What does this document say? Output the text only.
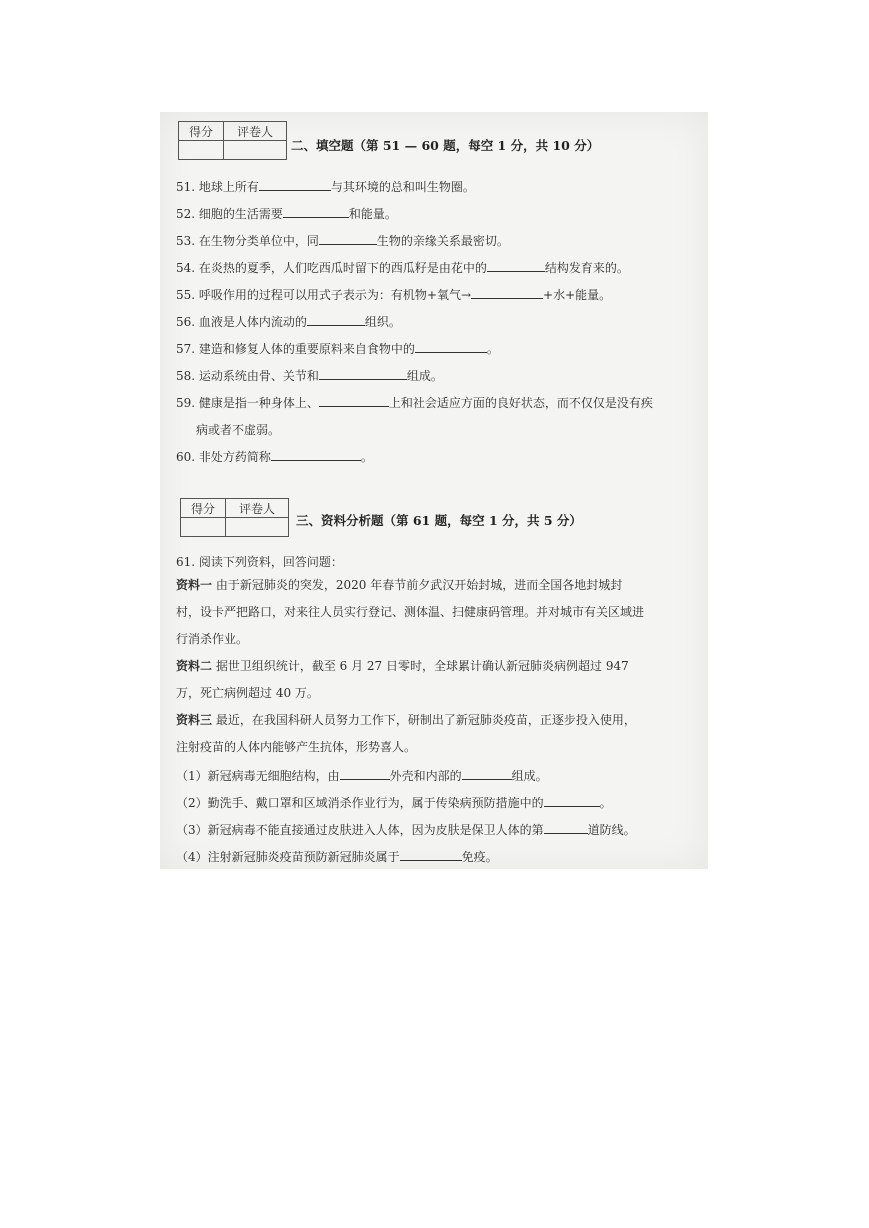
得分	评卷人

二、填空题（第 51 — 60 题，每空 1 分，共 10 分）
51. 地球上所有	与其环境的总和叫生物圈。
52. 细胞的生活需要	和能量。
53. 在生物分类单位中，同	生物的亲缘关系最密切。
54. 在炎热的夏季，人们吃西瓜时留下的西瓜籽是由花中的	结构发育来的。
55. 呼吸作用的过程可以用式子表示为：有机物+氧气→	+水+能量。
56. 血液是人体内流动的	组织。
57. 建造和修复人体的重要原料来自食物中的	。
58. 运动系统由骨、关节和	组成。
59. 健康是指一种身体上、	上和社会适应方面的良好状态，而不仅仅是没有疾
病或者不虚弱。
60. 非处方药简称	。
得分	评卷人

三、资料分析题（第 61 题，每空 1 分，共 5 分）
61. 阅读下列资料，回答问题：
资料一 由于新冠肺炎的突发，2020 年春节前夕武汉开始封城，进而全国各地封城封村，设卡严把路口，对来往人员实行登记、测体温、扫健康码管理。并对城市有关区域进行消杀作业。
资料二 据世卫组织统计，截至 6 月 27 日零时，全球累计确认新冠肺炎病例超过 947 万，死亡病例超过 40 万。
资料三 最近，在我国科研人员努力工作下，研制出了新冠肺炎疫苗，正逐步投入使用，注射疫苗的人体内能够产生抗体，形势喜人。
（1）新冠病毒无细胞结构，由	外壳和内部的	组成。
（2）勤洗手、戴口罩和区域消杀作业行为，属于传染病预防措施中的	。
（3）新冠病毒不能直接通过皮肤进入人体，因为皮肤是保卫人体的第	道防线。
（4）注射新冠肺炎疫苗预防新冠肺炎属于	免疫。
